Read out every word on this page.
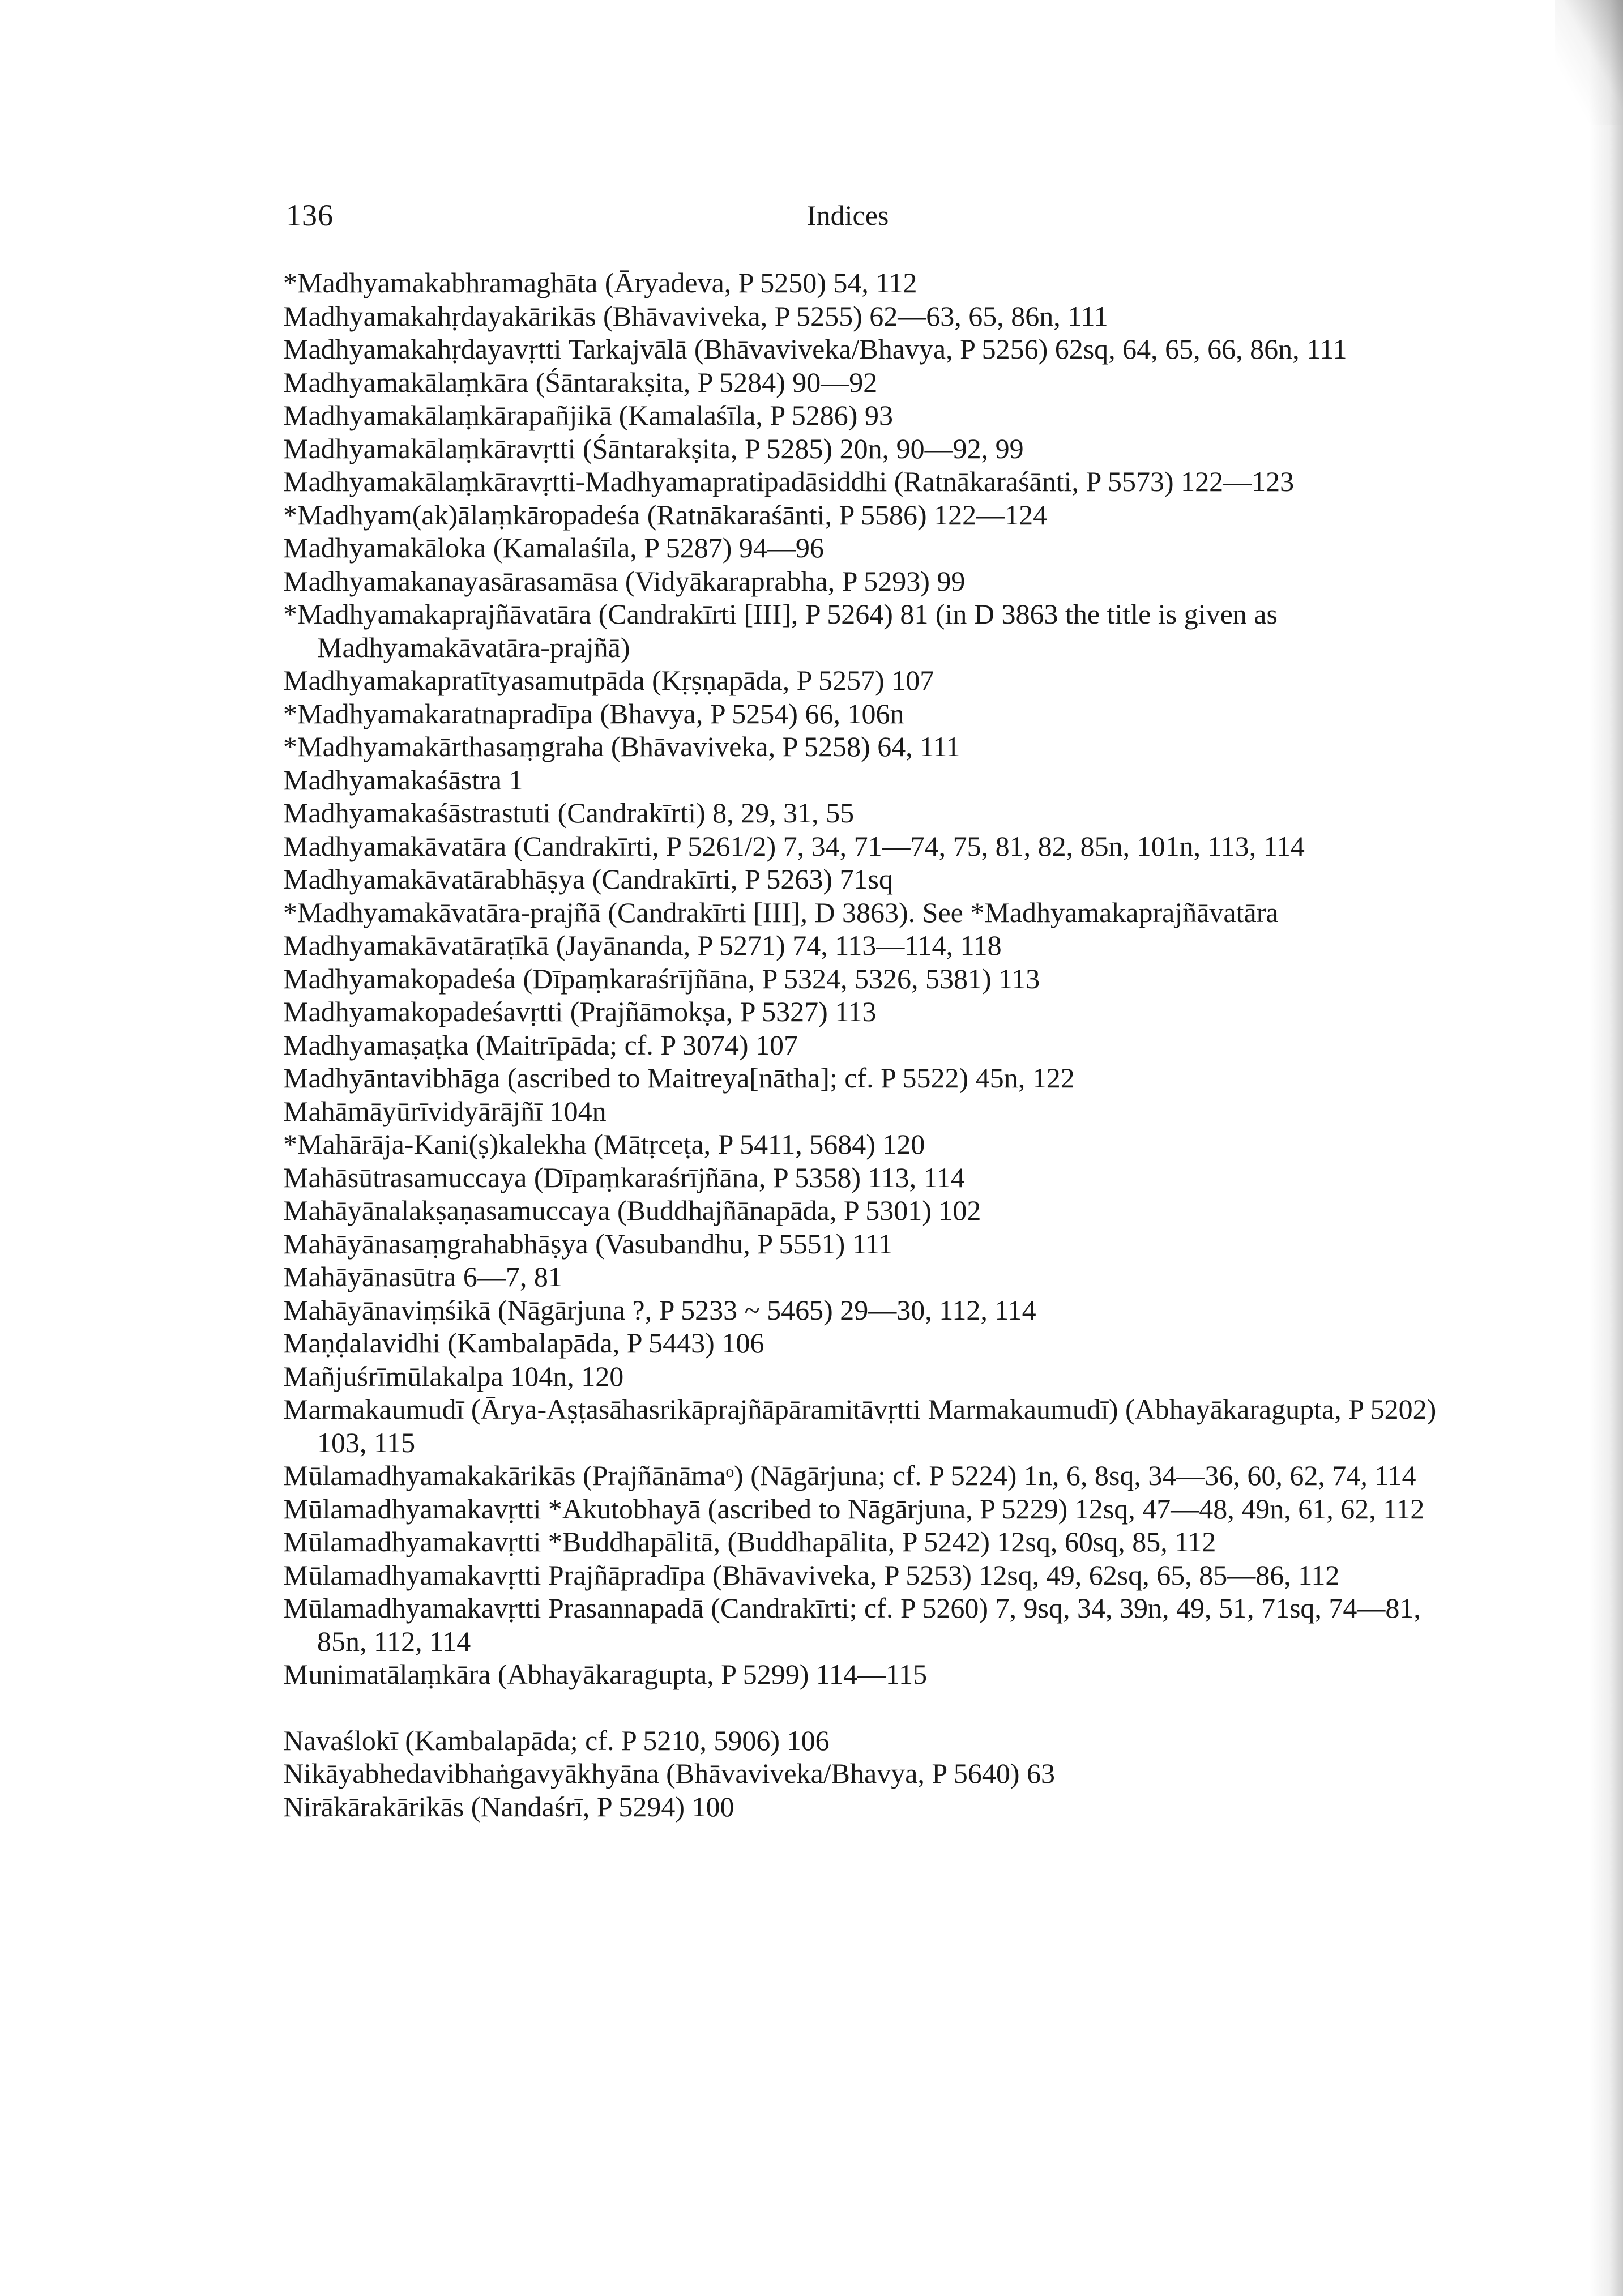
136	Indices
*Madhyamakabhramaghāta (Āryadeva, P 5250) 54, 112
Madhyamakahṛdayakārikās (Bhāvaviveka, P 5255) 62—63, 65, 86n, 111
Madhyamakahṛdayavṛtti Tarkajvālā (Bhāvaviveka/Bhavya, P 5256) 62sq, 64, 65, 66, 86n, 111
Madhyamakālaṃkāra (Śāntarakṣita, P 5284) 90—92
Madhyamakālaṃkārapañjikā (Kamalaśīla, P 5286) 93
Madhyamakālaṃkāravṛtti (Śāntarakṣita, P 5285) 20n, 90—92, 99
Madhyamakālaṃkāravṛtti-Madhyamapratipadāsiddhi (Ratnākaraśānti, P 5573) 122—123
*Madhyam(ak)ālaṃkāropadeśa (Ratnākaraśānti, P 5586) 122—124
Madhyamakāloka (Kamalaśīla, P 5287) 94—96
Madhyamakanayasārasamāsa (Vidyākaraprabha, P 5293) 99
*Madhyamakaprajñāvatāra (Candrakīrti [III], P 5264) 81 (in D 3863 the title is given as Madhyamakāvatāra-prajñā)
Madhyamakapratītyasamutpāda (Kṛṣṇapāda, P 5257) 107
*Madhyamakaratnapradīpa (Bhavya, P 5254) 66, 106n
*Madhyamakārthasaṃgraha (Bhāvaviveka, P 5258) 64, 111
Madhyamakaśāstra 1
Madhyamakaśāstrastuti (Candrakīrti) 8, 29, 31, 55
Madhyamakāvatāra (Candrakīrti, P 5261/2) 7, 34, 71—74, 75, 81, 82, 85n, 101n, 113, 114
Madhyamakāvatārabhāṣya (Candrakīrti, P 5263) 71sq
*Madhyamakāvatāra-prajñā (Candrakīrti [III], D 3863). See *Madhyamakaprajñāvatāra
Madhyamakāvatāraṭīkā (Jayānanda, P 5271) 74, 113—114, 118
Madhyamakopadeśa (Dīpaṃkaraśrījñāna, P 5324, 5326, 5381) 113
Madhyamakopadeśavṛtti (Prajñāmokṣa, P 5327) 113
Madhyamaṣaṭka (Maitrīpāda; cf. P 3074) 107
Madhyāntavibhāga (ascribed to Maitreya[nātha]; cf. P 5522) 45n, 122
Mahāmāyūrīvidyārājñī 104n
*Mahārāja-Kani(ṣ)kalekha (Mātṛceṭa, P 5411, 5684) 120
Mahāsūtrasamuccaya (Dīpaṃkaraśrījñāna, P 5358) 113, 114
Mahāyānalakṣaṇasamuccaya (Buddhajñānapāda, P 5301) 102
Mahāyānasaṃgrahabhāṣya (Vasubandhu, P 5551) 111
Mahāyānasūtra 6—7, 81
Mahāyānaviṃśikā (Nāgārjuna ?, P 5233 ~ 5465) 29—30, 112, 114
Maṇḍalavidhi (Kambalapāda, P 5443) 106
Mañjuśrīmūlakalpa 104n, 120
Marmakaumudī (Ārya-Aṣṭasāhasrikāprajñāpāramitāvṛtti Marmakaumudī) (Abhayākaragupta, P 5202) 103, 115
Mūlamadhyamakakārikās (Prajñānāmaᵒ) (Nāgārjuna; cf. P 5224) 1n, 6, 8sq, 34—36, 60, 62, 74, 114
Mūlamadhyamakavṛtti *Akutobhayā (ascribed to Nāgārjuna, P 5229) 12sq, 47—48, 49n, 61, 62, 112
Mūlamadhyamakavṛtti *Buddhapālitā, (Buddhapālita, P 5242) 12sq, 60sq, 85, 112
Mūlamadhyamakavṛtti Prajñāpradīpa (Bhāvaviveka, P 5253) 12sq, 49, 62sq, 65, 85—86, 112
Mūlamadhyamakavṛtti Prasannapadā (Candrakīrti; cf. P 5260) 7, 9sq, 34, 39n, 49, 51, 71sq, 74—81, 85n, 112, 114
Munimatālaṃkāra (Abhayākaragupta, P 5299) 114—115
Navaślokī (Kambalapāda; cf. P 5210, 5906) 106
Nikāyabhedavibhaṅgavyākhyāna (Bhāvaviveka/Bhavya, P 5640) 63
Nirākārakārikās (Nandaśrī, P 5294) 100
